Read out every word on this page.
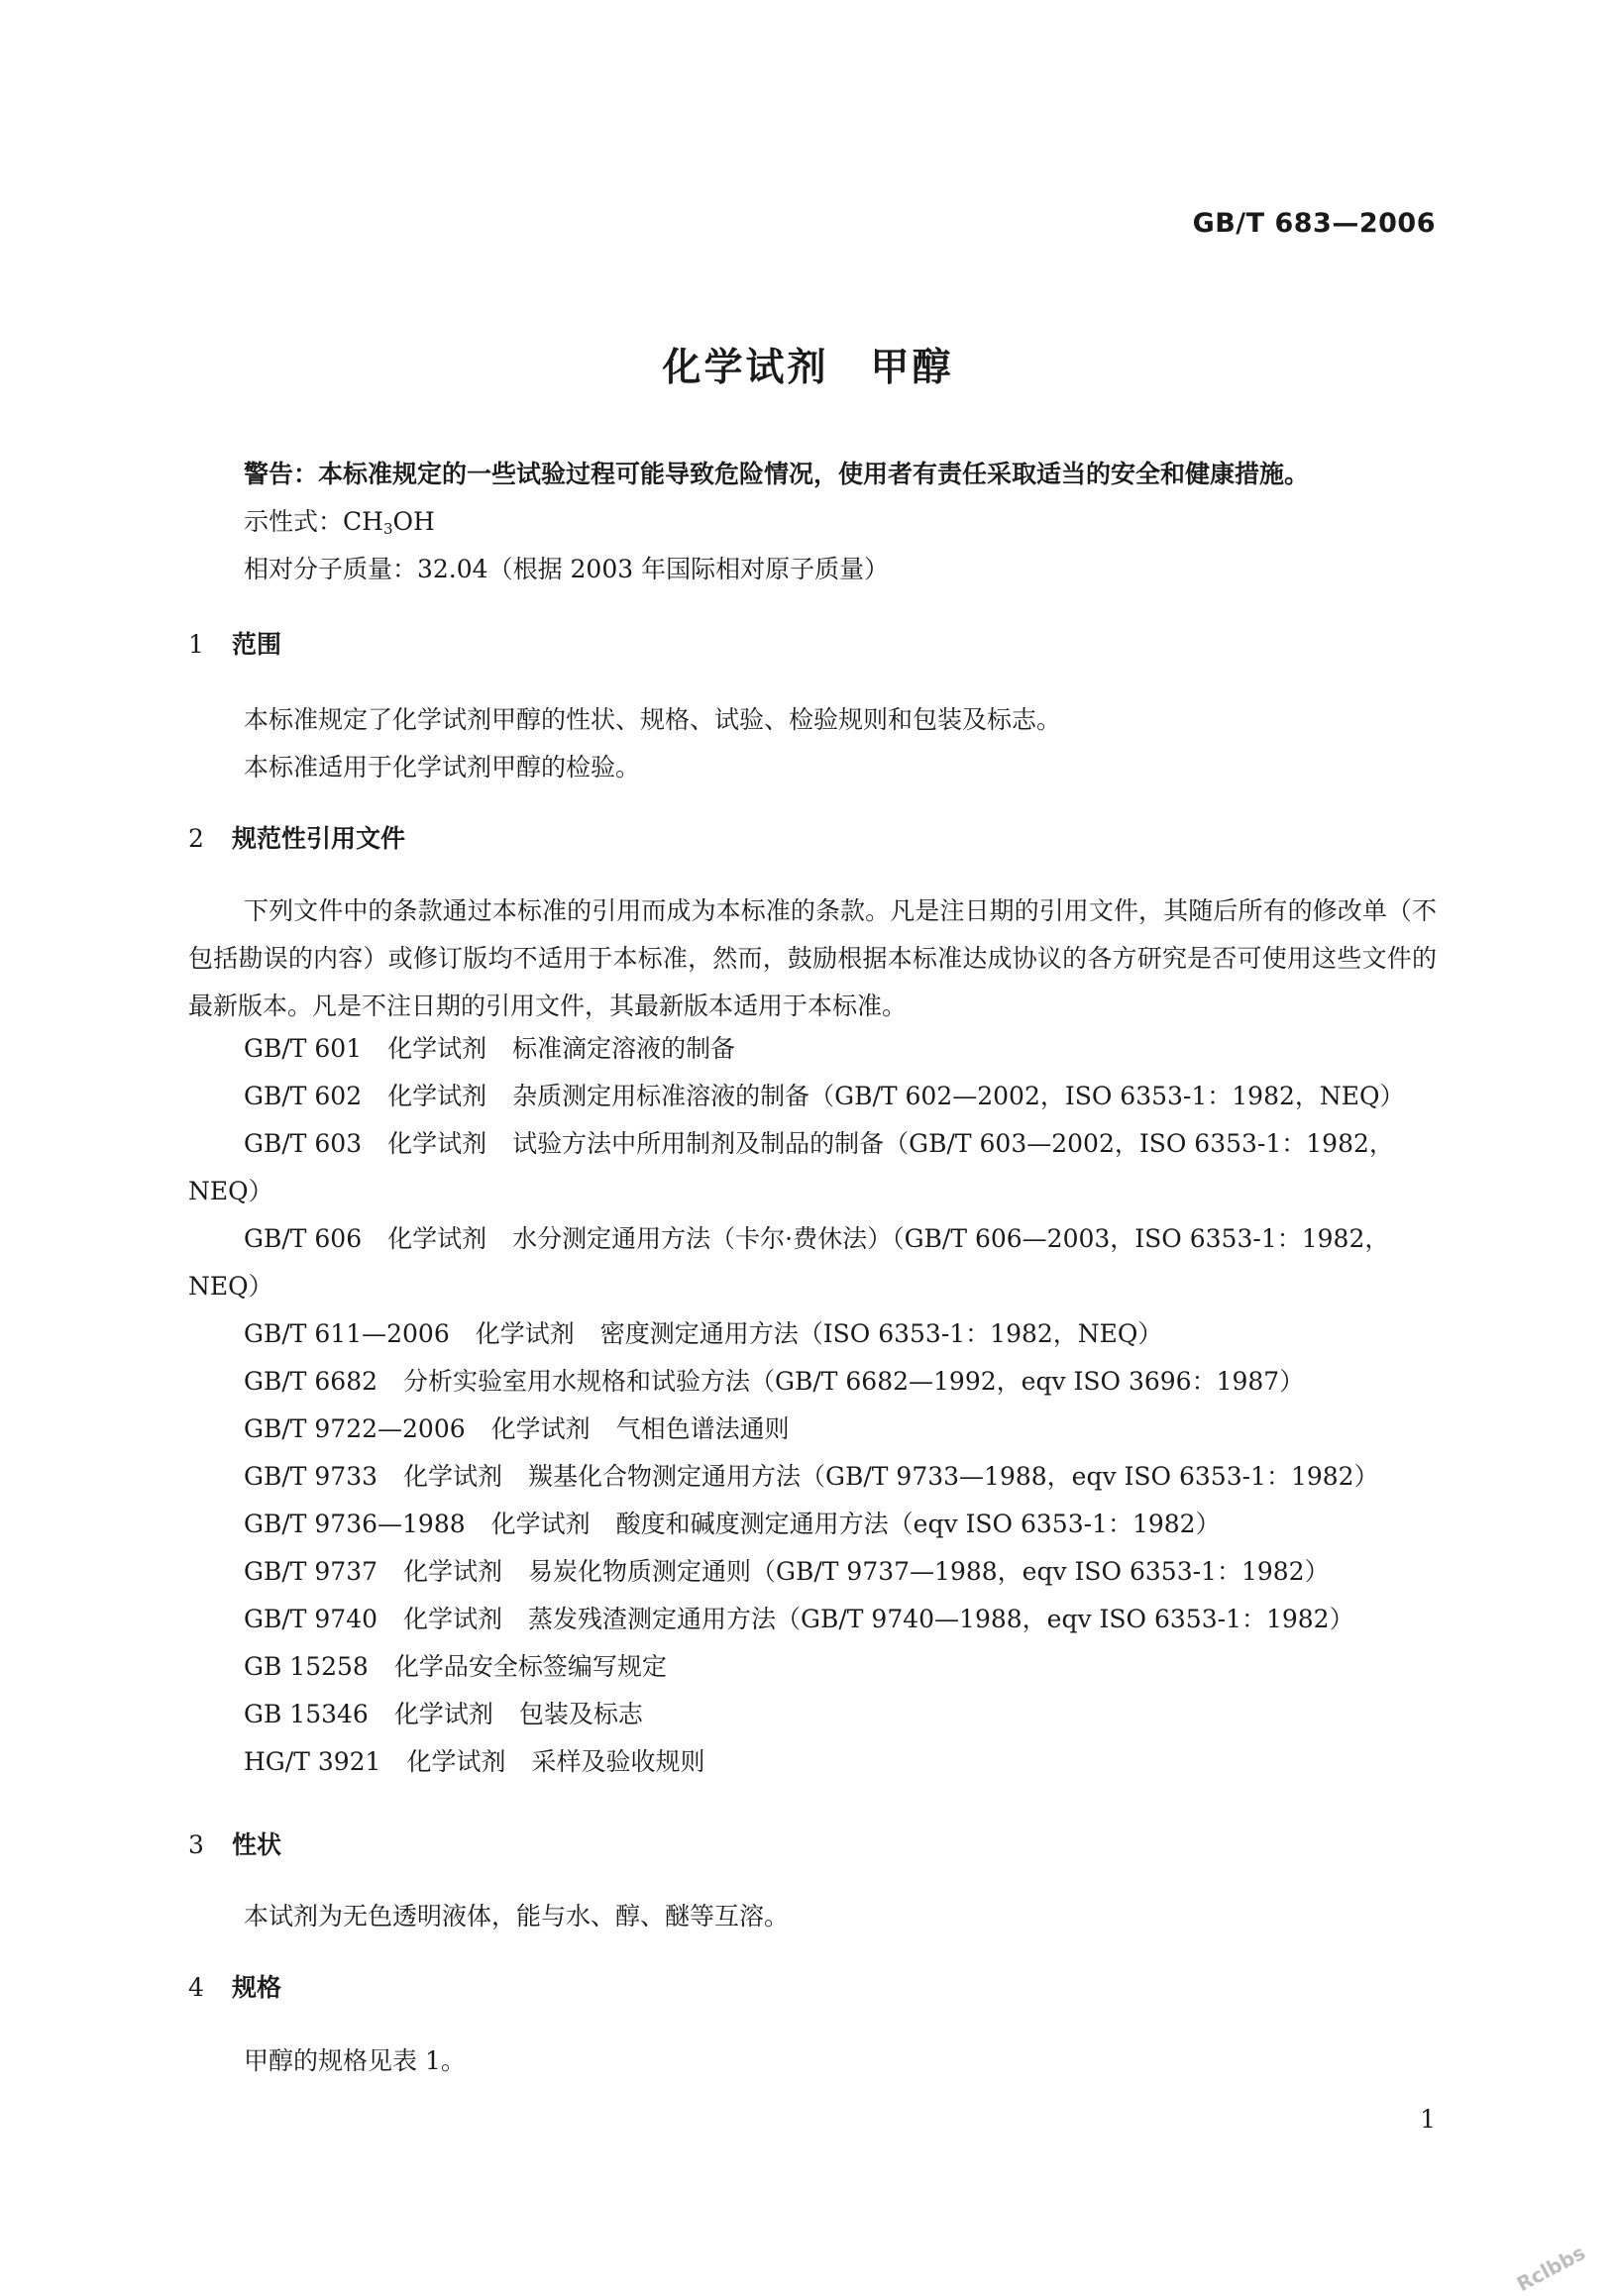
GB/T 683—2006
化学试剂　甲醇
警告：本标准规定的一些试验过程可能导致危险情况，使用者有责任采取适当的安全和健康措施。
示性式：$CH_3OH$
相对分子质量：32.04（根据 2003 年国际相对原子质量）
1 范围
本标准规定了化学试剂甲醇的性状、规格、试验、检验规则和包装及标志。
本标准适用于化学试剂甲醇的检验。
2 规范性引用文件
下列文件中的条款通过本标准的引用而成为本标准的条款。凡是注日期的引用文件，其随后所有的修改单（不包括勘误的内容）或修订版均不适用于本标准，然而，鼓励根据本标准达成协议的各方研究是否可使用这些文件的最新版本。凡是不注日期的引用文件，其最新版本适用于本标准。
GB/T 601 化学试剂 标准滴定溶液的制备
GB/T 602 化学试剂 杂质测定用标准溶液的制备（GB/T 602—2002，ISO 6353-1：1982，NEQ）
GB/T 603 化学试剂 试验方法中所用制剂及制品的制备（GB/T 603—2002，ISO 6353-1：1982，
NEQ）
GB/T 606 化学试剂 水分测定通用方法（卡尔·费休法）（GB/T 606—2003，ISO 6353-1：1982，
NEQ）
GB/T 611—2006 化学试剂 密度测定通用方法（ISO 6353-1：1982，NEQ）
GB/T 6682 分析实验室用水规格和试验方法（GB/T 6682—1992，eqv ISO 3696：1987）
GB/T 9722—2006 化学试剂 气相色谱法通则
GB/T 9733 化学试剂 羰基化合物测定通用方法（GB/T 9733—1988，eqv ISO 6353-1：1982）
GB/T 9736—1988 化学试剂 酸度和碱度测定通用方法（eqv ISO 6353-1：1982）
GB/T 9737 化学试剂 易炭化物质测定通则（GB/T 9737—1988，eqv ISO 6353-1：1982）
GB/T 9740 化学试剂 蒸发残渣测定通用方法（GB/T 9740—1988，eqv ISO 6353-1：1982）
GB 15258 化学品安全标签编写规定
GB 15346 化学试剂 包装及标志
HG/T 3921 化学试剂 采样及验收规则
3 性状
本试剂为无色透明液体，能与水、醇、醚等互溶。
4 规格
甲醇的规格见表 1。
1
Rclbbs
